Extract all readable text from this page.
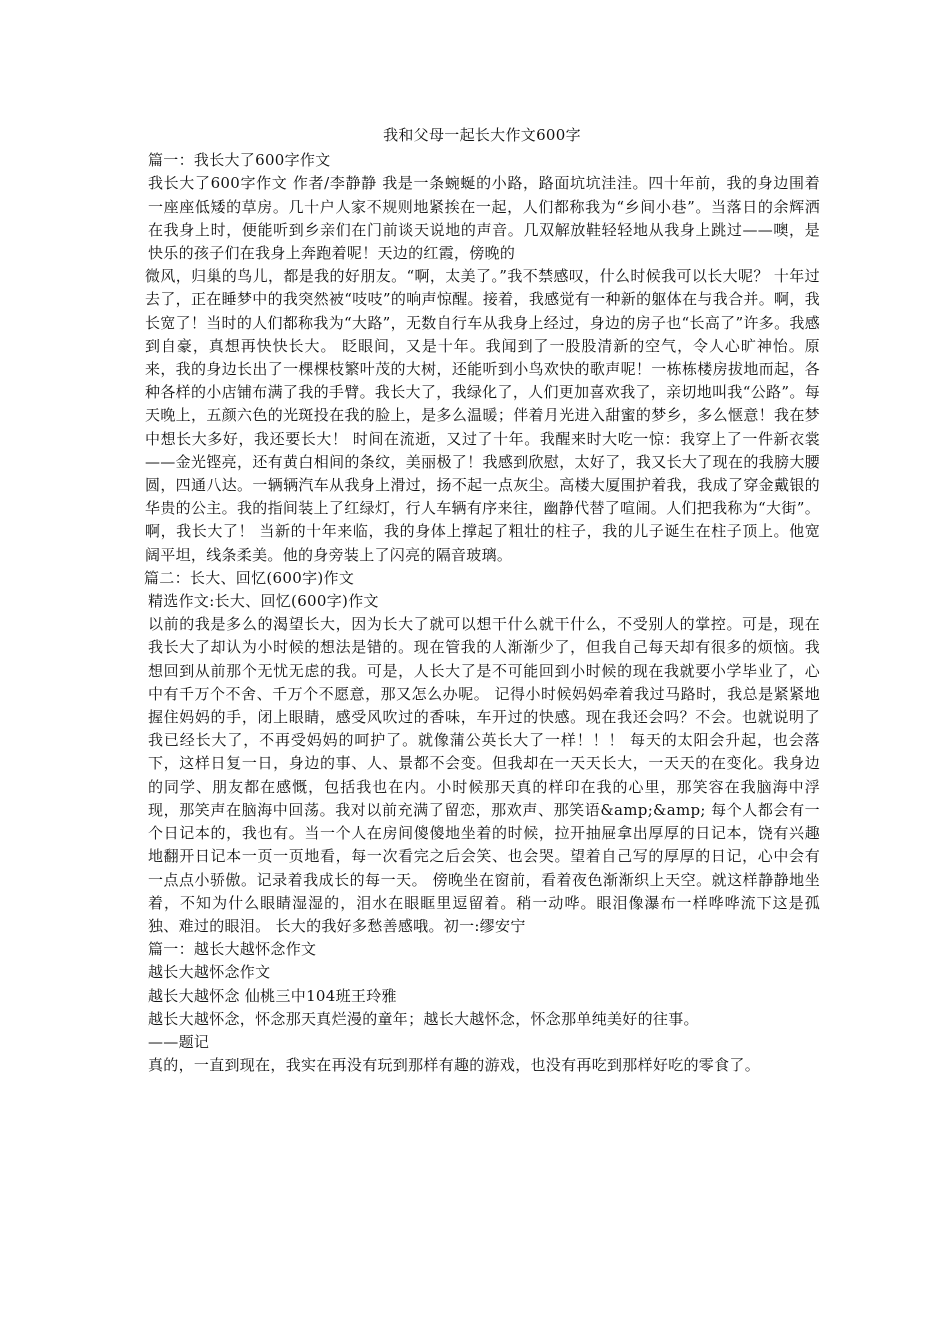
我和父母一起长大作文600字
篇一：我长大了600字作文

我长大了600字作文 作者/李静静 我是一条蜿蜒的小路，路面坑坑洼洼。四十年前，我的身边围着一座座低矮的草房。几十户人家不规则地紧挨在一起，人们都称我为“乡间小巷”。当落日的余辉洒在我身上时，便能听到乡亲们在门前谈天说地的声音。几双解放鞋轻轻地从我身上跳过——噢，是快乐的孩子们在我身上奔跑着呢！天边的红霞，傍晚的

微风，归巢的鸟儿，都是我的好朋友。“啊，太美了。”我不禁感叹，什么时候我可以长大呢？ 十年过去了，正在睡梦中的我突然被“吱吱”的响声惊醒。接着，我感觉有一种新的躯体在与我合并。啊，我长宽了！当时的人们都称我为“大路”，无数自行车从我身上经过，身边的房子也“长高了”许多。我感到自豪，真想再快快长大。 眨眼间，又是十年。我闻到了一股股清新的空气，令人心旷神怡。原来，我的身边长出了一棵棵枝繁叶茂的大树，还能听到小鸟欢快的歌声呢！一栋栋楼房拔地而起，各种各样的小店铺布满了我的手臂。我长大了，我绿化了，人们更加喜欢我了，亲切地叫我“公路”。每天晚上，五颜六色的光斑投在我的脸上，是多么温暖；伴着月光进入甜蜜的梦乡，多么惬意！我在梦中想长大多好，我还要长大！ 时间在流逝，又过了十年。我醒来时大吃一惊：我穿上了一件新衣裳——金光铿亮，还有黄白相间的条纹，美丽极了！我感到欣慰，太好了，我又长大了现在的我膀大腰圆，四通八达。一辆辆汽车从我身上滑过，扬不起一点灰尘。高楼大厦围护着我，我成了穿金戴银的华贵的公主。我的指间装上了红绿灯，行人车辆有序来往，幽静代替了喧闹。人们把我称为“大街”。啊，我长大了！ 当新的十年来临，我的身体上撑起了粗壮的柱子，我的儿子诞生在柱子顶上。他宽阔平坦，线条柔美。他的身旁装上了闪亮的隔音玻璃。

篇二：长大、回忆(600字)作文
精选作文:长大、回忆(600字)作文

以前的我是多么的渴望长大，因为长大了就可以想干什么就干什么，不受别人的掌控。可是，现在我长大了却认为小时候的想法是错的。现在管我的人渐渐少了，但我自己每天却有很多的烦恼。我想回到从前那个无忧无虑的我。可是，人长大了是不可能回到小时候的现在我就要小学毕业了，心中有千万个不舍、千万个不愿意，那又怎么办呢。 记得小时候妈妈牵着我过马路时，我总是紧紧地握住妈妈的手，闭上眼睛，感受风吹过的香味，车开过的快感。现在我还会吗？不会。也就说明了我已经长大了，不再受妈妈的呵护了。就像蒲公英长大了一样！！！ 每天的太阳会升起，也会落下，这样日复一日，身边的事、人、景都不会变。但我却在一天天长大，一天天的在变化。我身边的同学、朋友都在感慨，包括我也在内。小时候那天真的样印在我的心里，那笑容在我脑海中浮现，那笑声在脑海中回荡。我对以前充满了留恋，那欢声、那笑语&amp;&amp; 每个人都会有一个日记本的，我也有。当一个人在房间傻傻地坐着的时候，拉开抽屉拿出厚厚的日记本，饶有兴趣地翻开日记本一页一页地看，每一次看完之后会笑、也会哭。望着自己写的厚厚的日记，心中会有一点点小骄傲。记录着我成长的每一天。 傍晚坐在窗前，看着夜色渐渐织上天空。就这样静静地坐着，不知为什么眼睛湿湿的，泪水在眼眶里逗留着。稍一动哗。眼泪像瀑布一样哗哗流下这是孤独、难过的眼泪。 长大的我好多愁善感哦。初一:缪安宁

篇一：越长大越怀念作文
越长大越怀念作文
越长大越怀念 仙桃三中104班王玲雅
越长大越怀念，怀念那天真烂漫的童年；越长大越怀念，怀念那单纯美好的往事。
——题记
真的，一直到现在，我实在再没有玩到那样有趣的游戏，也没有再吃到那样好吃的零食了。
